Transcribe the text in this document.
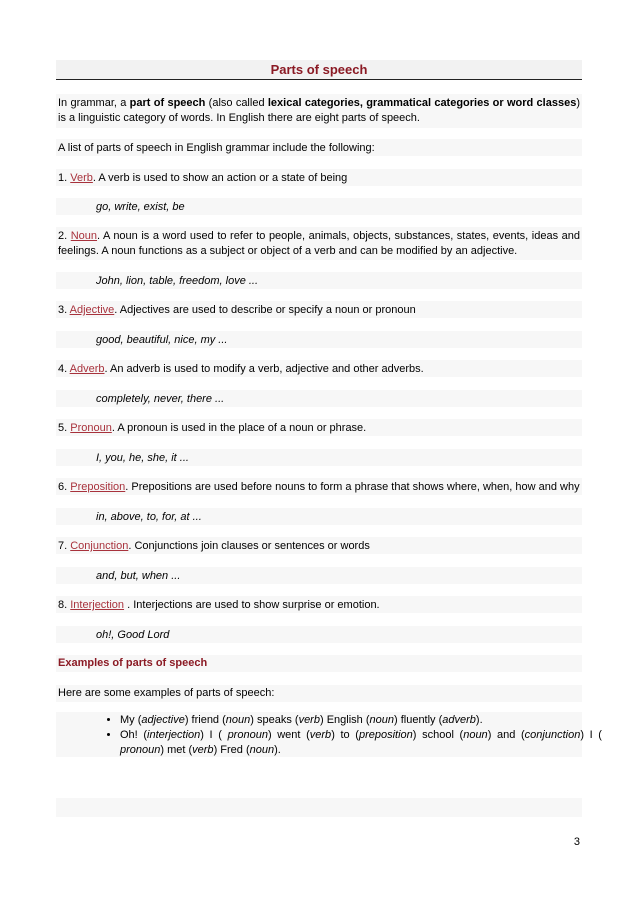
Parts of speech
In grammar, a part of speech (also called lexical categories, grammatical categories or word classes) is a linguistic category of words. In English there are eight parts of speech.
A list of parts of speech in English grammar include the following:
1. Verb. A verb is used to show an action or a state of being
go, write, exist, be
2. Noun. A noun is a word used to refer to people, animals, objects, substances, states, events, ideas and feelings. A noun functions as a subject or object of a verb and can be modified by an adjective.
John, lion, table, freedom, love ...
3. Adjective. Adjectives are used to describe or specify a noun or pronoun
good, beautiful, nice, my ...
4. Adverb. An adverb is used to modify a verb, adjective and other adverbs.
completely, never, there ...
5. Pronoun. A pronoun is used in the place of a noun or phrase.
I, you, he, she, it ...
6. Preposition. Prepositions are used before nouns to form a phrase that shows where, when, how and why
in, above, to, for, at ...
7. Conjunction. Conjunctions join clauses or sentences or words
and, but, when ...
8. Interjection . Interjections are used to show surprise or emotion.
oh!, Good Lord
Examples of parts of speech
Here are some examples of parts of speech:
• My (adjective) friend (noun) speaks (verb) English (noun) fluently (adverb).
• Oh! (interjection) I ( pronoun) went (verb) to (preposition) school (noun) and (conjunction) I ( pronoun) met (verb) Fred (noun).
3
